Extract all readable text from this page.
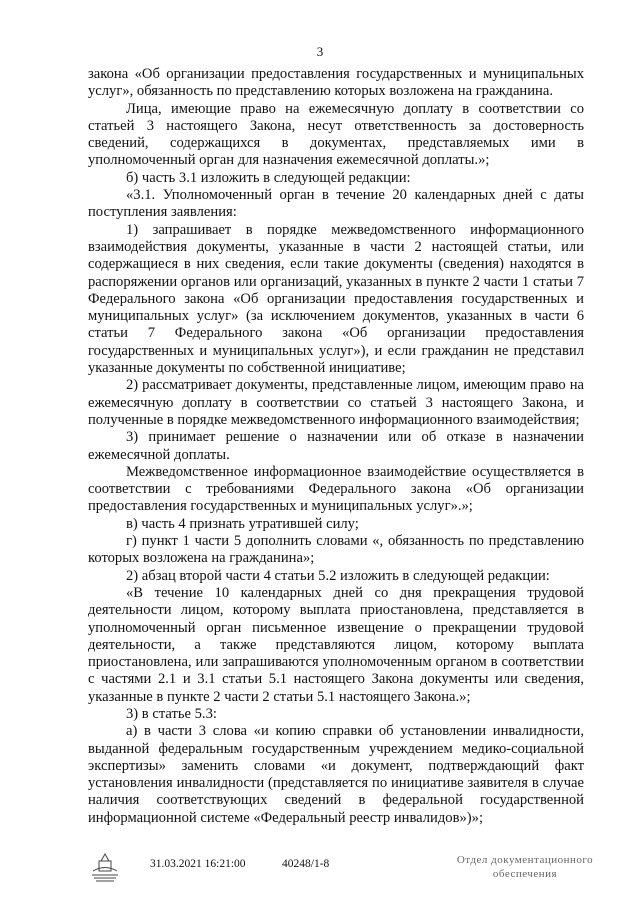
3

закона «Об организации предоставления государственных и муниципальных услуг», обязанность по представлению которых возложена на гражданина.

Лица, имеющие право на ежемесячную доплату в соответствии со статьей 3 настоящего Закона, несут ответственность за достоверность сведений, содержащихся в документах, представляемых ими в уполномоченный орган для назначения ежемесячной доплаты.»;

б) часть 3.1 изложить в следующей редакции:

«3.1. Уполномоченный орган в течение 20 календарных дней с даты поступления заявления:

1) запрашивает в порядке межведомственного информационного взаимодействия документы, указанные в части 2 настоящей статьи, или содержащиеся в них сведения, если такие документы (сведения) находятся в распоряжении органов или организаций, указанных в пункте 2 части 1 статьи 7 Федерального закона «Об организации предоставления государственных и муниципальных услуг» (за исключением документов, указанных в части 6 статьи 7 Федерального закона «Об организации предоставления государственных и муниципальных услуг»), и если гражданин не представил указанные документы по собственной инициативе;

2) рассматривает документы, представленные лицом, имеющим право на ежемесячную доплату в соответствии со статьей 3 настоящего Закона, и полученные в порядке межведомственного информационного взаимодействия;

3) принимает решение о назначении или об отказе в назначении ежемесячной доплаты.

Межведомственное информационное взаимодействие осуществляется в соответствии с требованиями Федерального закона «Об организации предоставления государственных и муниципальных услуг».»;

в) часть 4 признать утратившей силу;

г) пункт 1 части 5 дополнить словами «, обязанность по представлению которых возложена на гражданина»;

2) абзац второй части 4 статьи 5.2 изложить в следующей редакции:

«В течение 10 календарных дней со дня прекращения трудовой деятельности лицом, которому выплата приостановлена, представляется в уполномоченный орган письменное извещение о прекращении трудовой деятельности, а также представляются лицом, которому выплата приостановлена, или запрашиваются уполномоченным органом в соответствии с частями 2.1 и 3.1 статьи 5.1 настоящего Закона документы или сведения, указанные в пункте 2 части 2 статьи 5.1 настоящего Закона.»;

3) в статье 5.3:

а) в части 3 слова «и копию справки об установлении инвалидности, выданной федеральным государственным учреждением медико-социальной экспертизы» заменить словами «и документ, подтверждающий факт установления инвалидности (представляется по инициативе заявителя в случае наличия соответствующих сведений в федеральной государственной информационной системе «Федеральный реестр инвалидов»)»;

31.03.2021 16:21:00	40248/1-8	Отдел документационного
обеспечения
